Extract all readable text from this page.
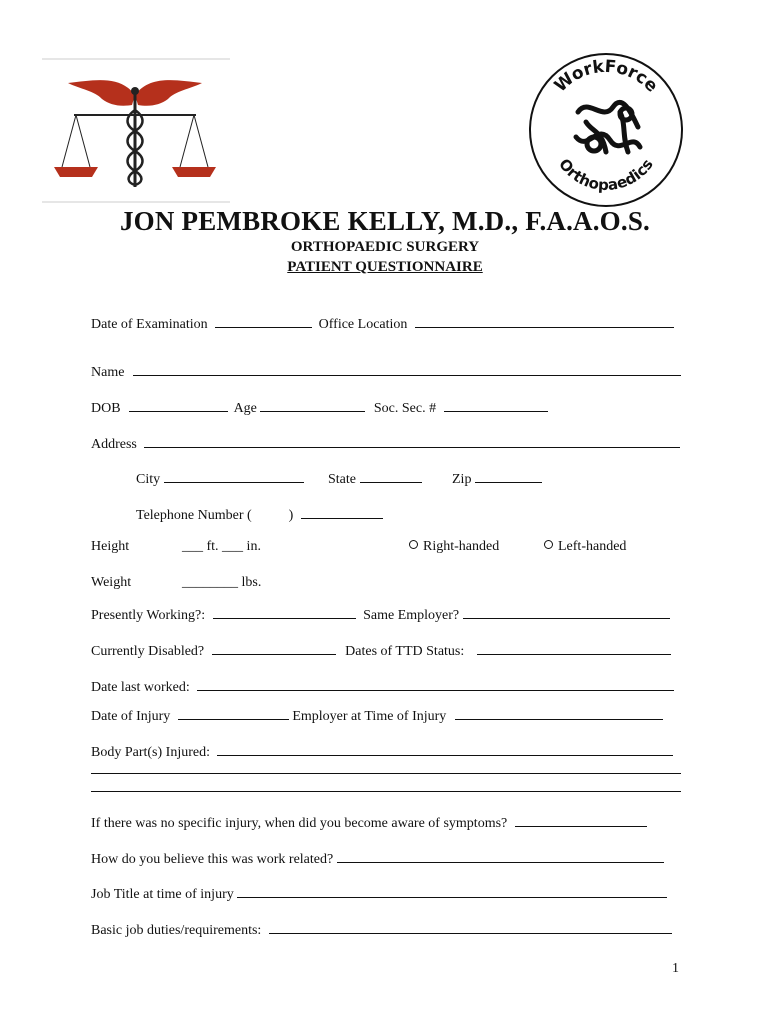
WorkForce
Orthopaedics
JON PEMBROKE KELLY, M.D., F.A.A.O.S.
ORTHOPAEDIC SURGERY
PATIENT QUESTIONNAIRE
Date of Examination	Office Location
Name
DOB	Age	Soc. Sec. #
Address
City	State	Zip
Telephone Number (	)
Height	___ ft. ___ in.	Right-handed	Left-handed
Weight	________ lbs.
Presently Working?:	Same Employer?
Currently Disabled?	Dates of TTD Status:
Date last worked:
Date of Injury	Employer at Time of Injury
Body Part(s) Injured:
If there was no specific injury, when did you become aware of symptoms?
How do you believe this was work related?
Job Title at time of injury
Basic job duties/requirements:
1
